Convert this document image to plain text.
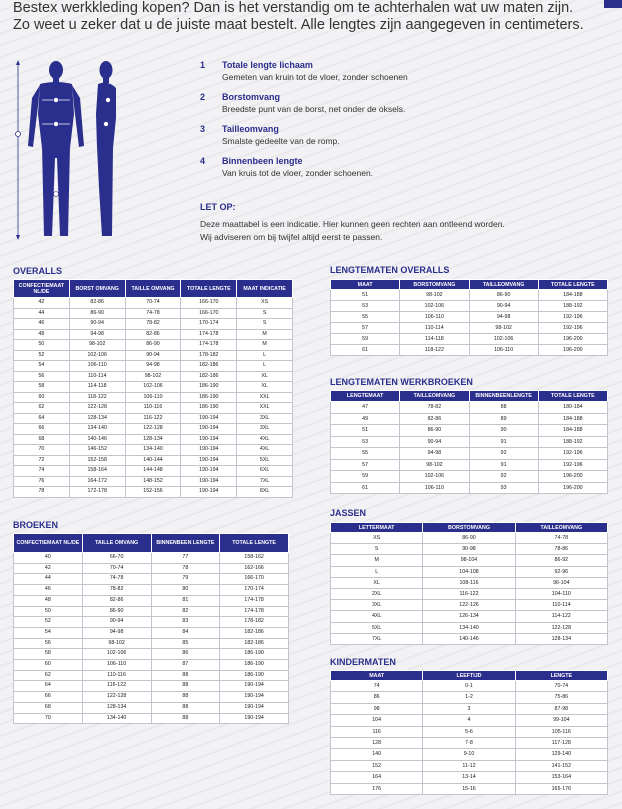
Bestex werkkleding kopen? Dan is het verstandig om te achterhalen wat uw maten zijn.
Zo weet u zeker dat u de juiste maat bestelt. Alle lengtes zijn aangegeven in centimeters.
1 Totale lengte lichaam
Gemeten van kruin tot de vloer, zonder schoenen
2 Borstomvang
Breedste punt van de borst, net onder de oksels.
3 Tailleomvang
Smalste gedeelte van de romp.
4 Binnenbeen lengte
Van kruis tot de vloer, zonder schoenen.
LET OP:
Deze maattabel is een indicatie. Hier kunnen geen rechten aan ontleend worden.
Wij adviseren om bij twijfel altijd eerst te passen.
OVERALLS
CONFECTIEMAAT NL/DE	BORST OMVANG	TAILLE OMVANG	TOTALE LENGTE	MAAT INDICATIE
42	82-86	70-74	166-170	XS
44	86-90	74-78	166-170	S
46	90-94	78-82	170-174	S
48	94-98	82-86	174-178	M
50	98-102	86-90	174-178	M
52	102-106	90-94	178-182	L
54	106-110	94-98	182-186	L
56	110-114	98-102	182-186	XL
58	114-118	102-106	186-190	XL
60	118-122	106-110	186-190	XXL
62	122-128	110-116	186-190	XXL
64	128-134	116-122	190-194	3XL
66	134-140	122-128	190-194	3XL
68	140-146	128-134	190-194	4XL
70	146-152	134-140	190-194	4XL
72	152-158	140-144	190-194	5XL
74	158-164	144-148	190-194	6XL
76	164-172	148-152	190-194	7XL
78	172-178	152-156	190-194	8XL
BROEKEN
CONFECTIEMAAT NL/DE	TAILLE OMVANG	BINNENBEEN LENGTE	TOTALE LENGTE
40	66-70	77	158-162
42	70-74	78	162-166
44	74-78	79	166-170
46	78-82	80	170-174
48	82-86	81	174-178
50	86-90	82	174-178
52	90-94	83	178-182
54	94-98	84	182-186
56	98-102	85	182-186
58	102-106	86	186-190
60	106-110	87	186-190
62	110-116	88	186-190
64	116-122	88	190-194
66	122-128	88	190-194
68	128-134	88	190-194
70	134-140	88	190-194
LENGTEMATEN OVERALLS
MAAT	BORSTOMVANG	TAILLEOMVANG	TOTALE LENGTE
51	98-102	86-90	184-188
53	102-106	90-94	188-192
55	106-110	94-98	192-196
57	110-114	98-102	192-196
59	114-118	102-106	196-200
61	118-122	106-110	196-200
LENGTEMATEN WERKBROEKEN
LENGTEMAAT	TAILLEOMVANG	BINNENBEENLENGTE	TOTALE LENGTE
47	78-82	88	180-184
49	82-86	89	184-188
51	86-90	90	184-188
53	90-94	91	188-192
55	94-98	92	192-196
57	98-102	91	192-196
59	102-106	92	196-200
61	106-110	93	196-200
JASSEN
LETTERMAAT	BORSTOMVANG	TAILLEOMVANG
XS	86-90	74-78
S	90-98	78-86
M	98-104	86-92
L	104-108	92-96
XL	108-116	96-104
2XL	116-122	104-110
3XL	122-126	110-114
4XL	126-134	114-122
5XL	134-140	122-128
7XL	140-146	128-134
KINDERMATEN
MAAT	LEEFTIJD	LENGTE
74	0-1	70-74
86	1-2	75-86
98	3	87-98
104	4	99-104
116	5-6	105-116
128	7-8	117-128
140	9-10	129-140
152	11-12	141-152
164	13-14	153-164
176	15-16	165-176
